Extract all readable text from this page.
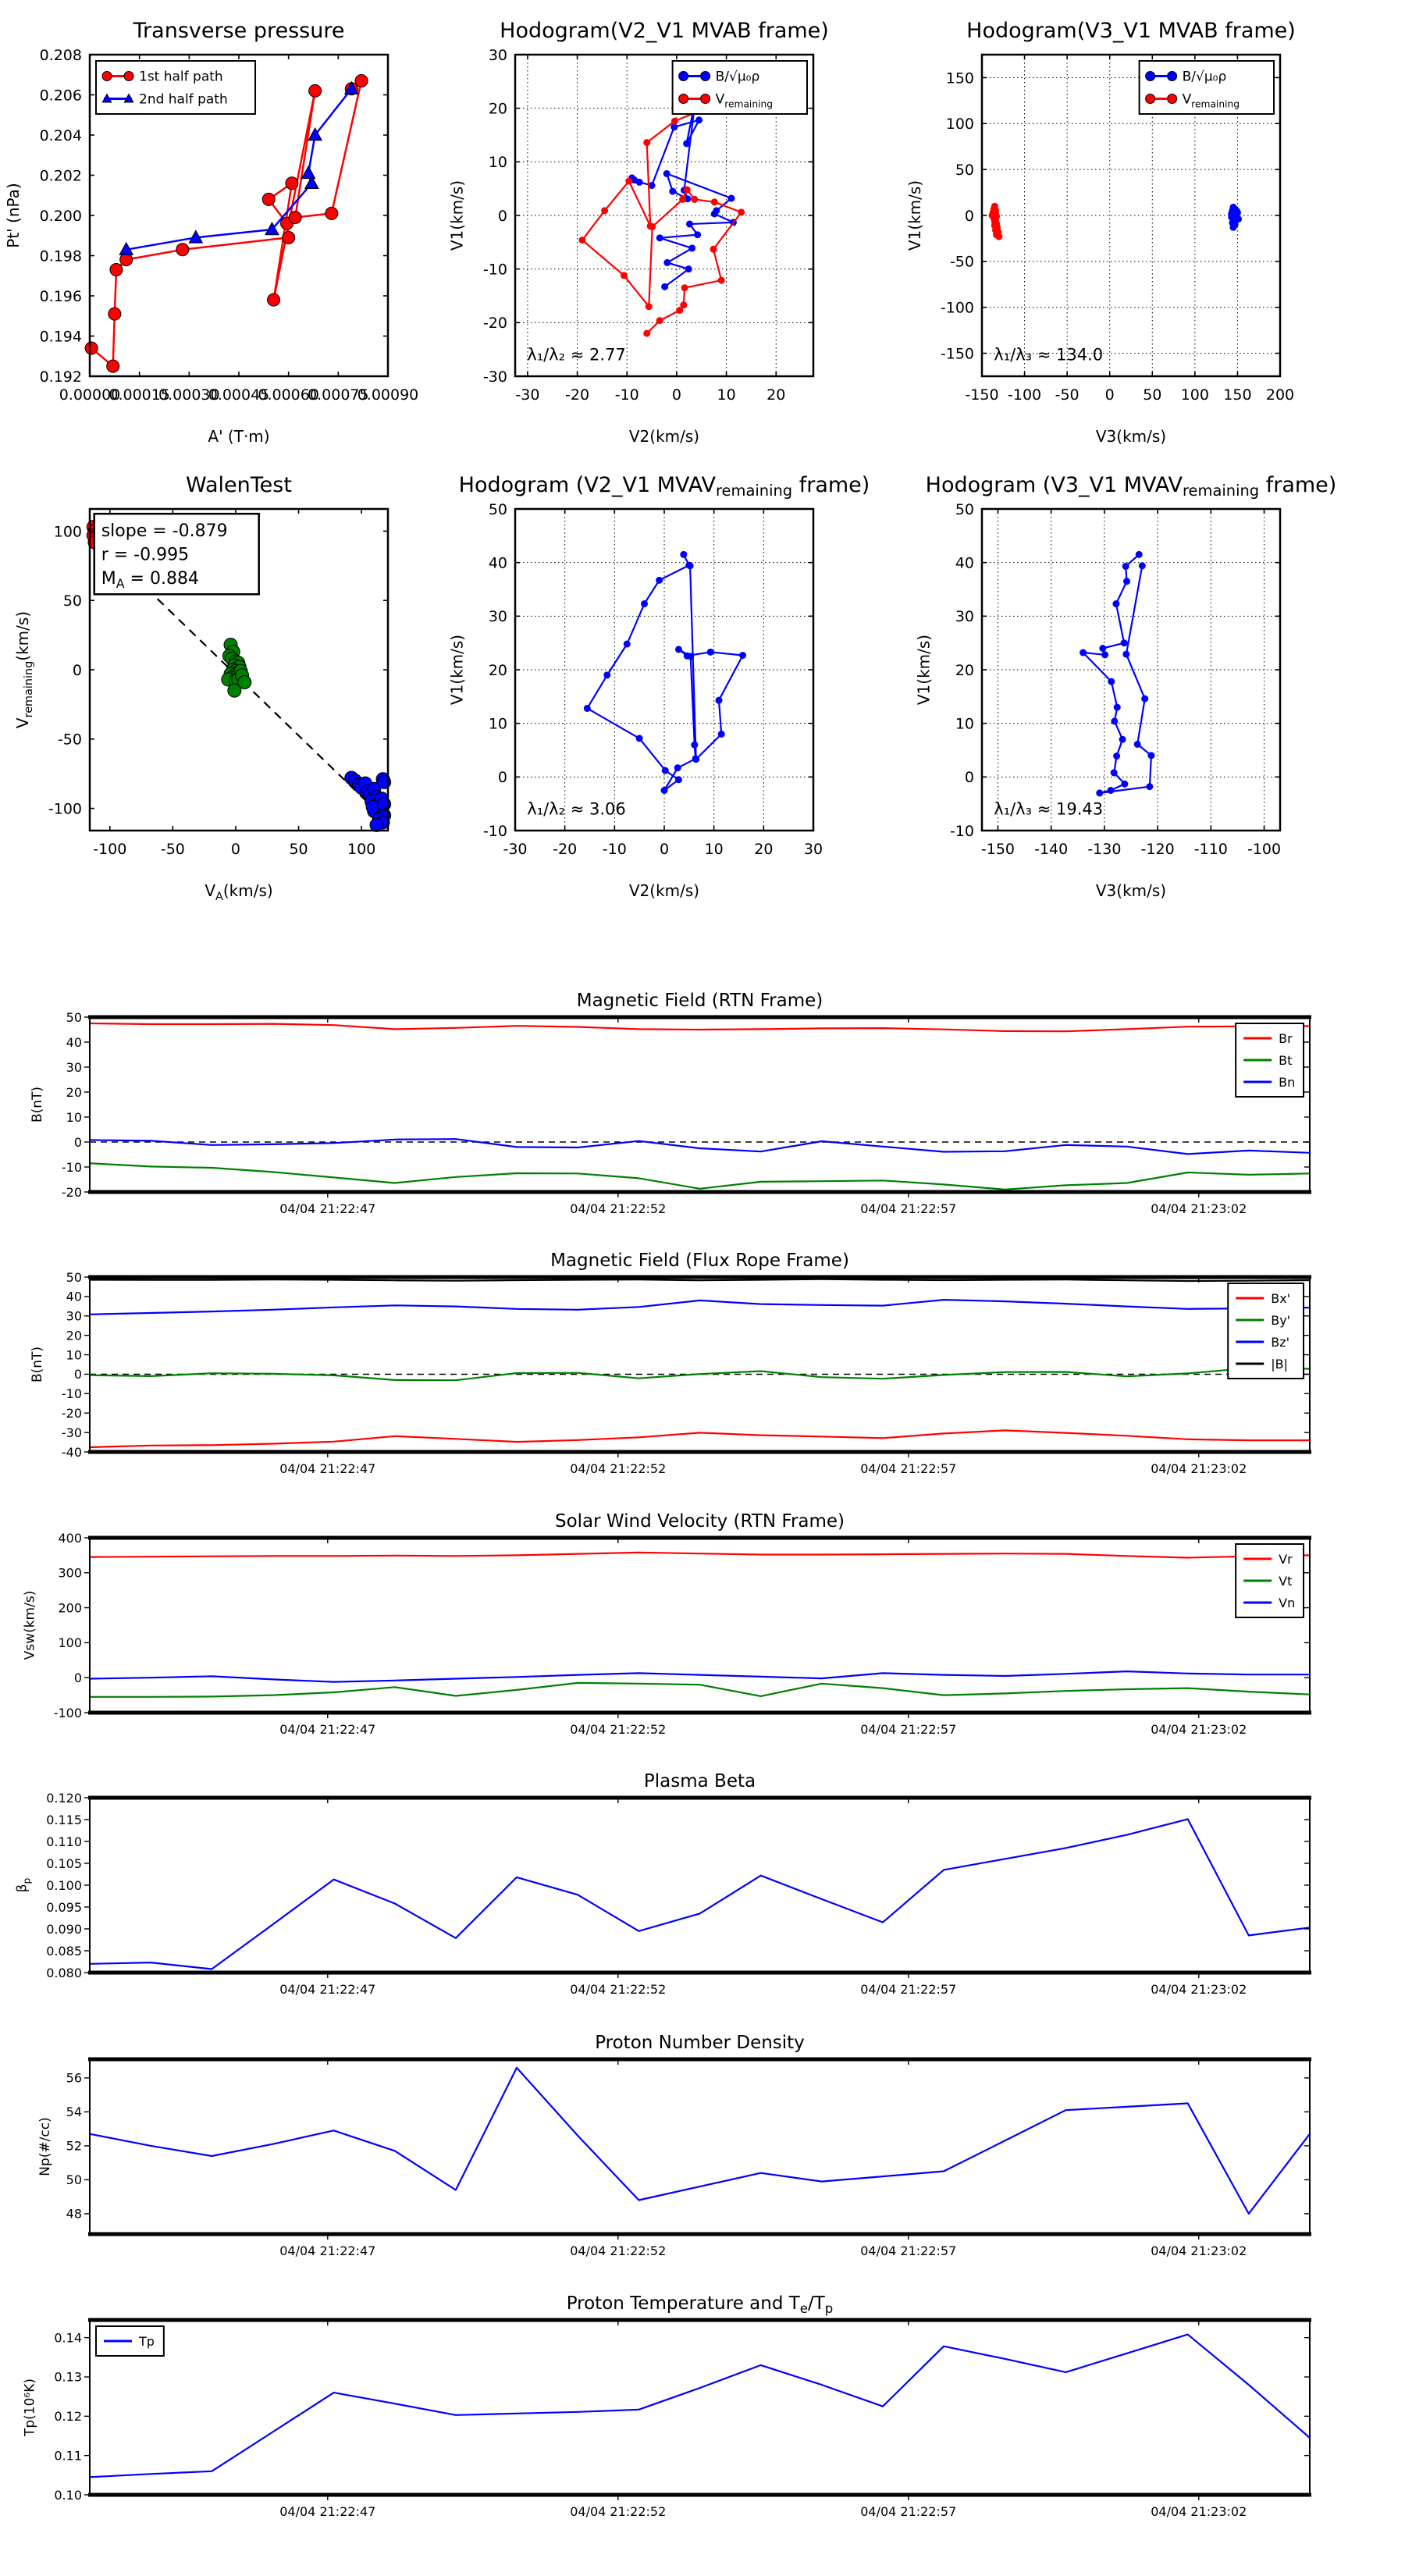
0.00000
0.00015
0.00030
0.00045
0.00060
0.00075
0.00090
0.192
0.194
0.196
0.198
0.200
0.202
0.204
0.206
0.208
Transverse pressure
A' (T·m)
Pt' (nPa)
1st half path
2nd half path
-30 -20 -10 0 10 20
-30
-20
-10
0
10
20
30
Hodogram(V2_V1 MVAB frame)
V2(km/s)
V1(km/s)
B/√μ₀ρ
$V_{remaining}$
λ₁/λ₂ ≈ 2.77
-150 -100 -50 0 50 100 150 200
-150
-100
-50
0
50
100
150
Hodogram(V3_V1 MVAB frame)
V3(km/s)
V1(km/s)
B/√μ₀ρ
$V_{remaining}$
λ₁/λ₃ ≈ 134.0
-100 -50	0	50	100
-100
-50
0
50
100
WalenTest
$V_A(km/s)$
$V_{remaining}(km/s)$
slope = -0.879
r = -0.995
$M_A = 0.884$
-30 -20 -10 0 10 20 30
-10
0
10
20
30
40
50
Hodogram (V2_V1 MVAVremaining frame)
V2(km/s)
V1(km/s)
λ₁/λ₂ ≈ 3.06
-150 -140 -130 -120 -110 -100
-10
0
10
20
30
40
50
Hodogram (V3_V1 MVAVremaining frame)
V3(km/s)
V1(km/s)
λ₁/λ₃ ≈ 19.43
04/04 21:22:47	04/04 21:22:52	04/04 21:22:57	04/04 21:23:02
-20
-10
0
10
20
30
40
50
Magnetic Field (RTN Frame)
B(nT)
Br
Bt
Bn
04/04 21:22:47	04/04 21:22:52	04/04 21:22:57	04/04 21:23:02
-40
-30
-20
-10
0
10
20
30
40
50
Magnetic Field (Flux Rope Frame)
B(nT)
Bx'
By'
Bz'
|B|
04/04 21:22:47	04/04 21:22:52	04/04 21:22:57	04/04 21:23:02
-100
0
100
200
300
400
Solar Wind Velocity (RTN Frame)
Vsw(km/s)
Vr
Vt
Vn
04/04 21:22:47	04/04 21:22:52	04/04 21:22:57	04/04 21:23:02
0.080
0.085
0.090
0.095
0.100
0.105
0.110
0.115
0.120
Plasma Beta
$\beta_p$
04/04 21:22:47	04/04 21:22:52	04/04 21:22:57	04/04 21:23:02
48
50
52
54
56
Proton Number Density
Np(#/cc)
04/04 21:22:47	04/04 21:22:52	04/04 21:22:57	04/04 21:23:02
0.10
0.11
0.12
0.13
0.14
Proton Temperature and $T_e/T_p$
Tp(10⁶K)
Tp
